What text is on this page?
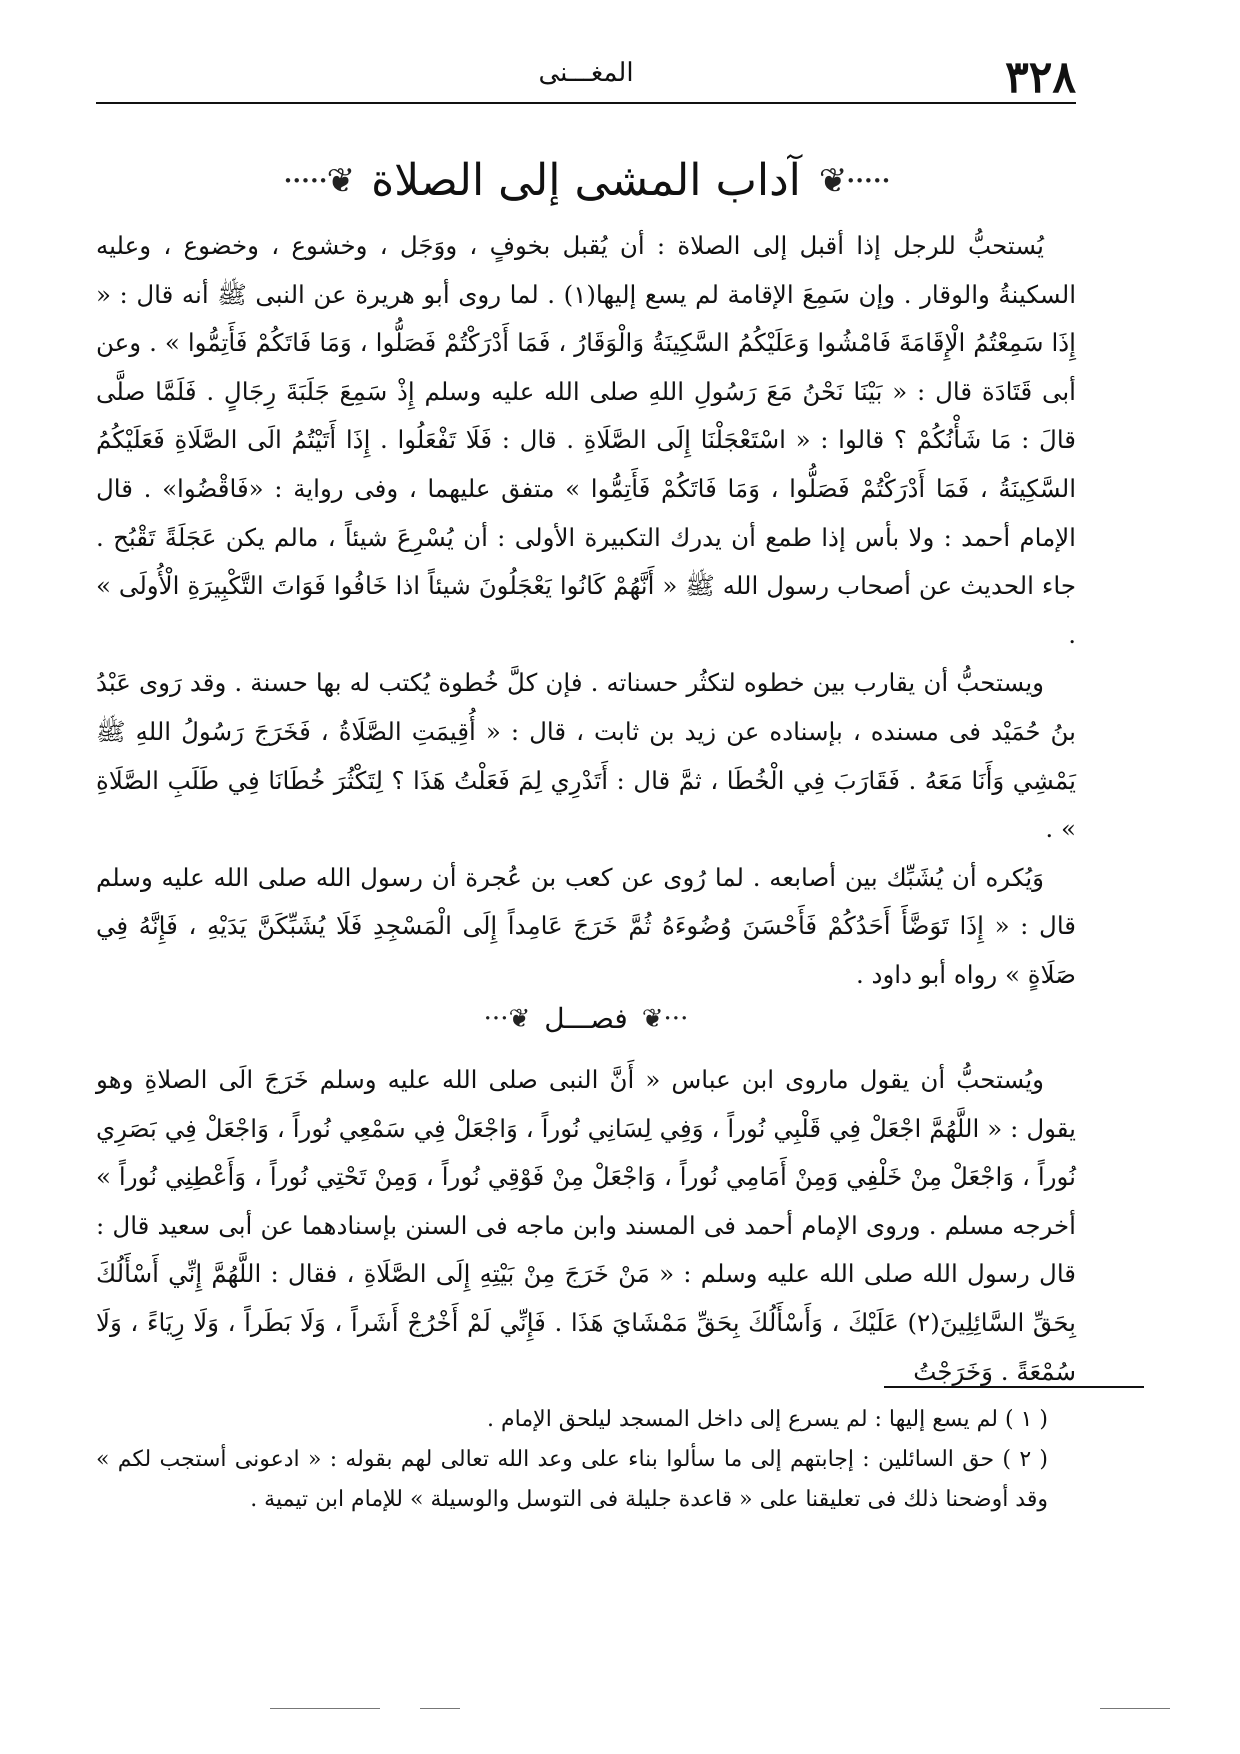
٣٢٨
المغـــنى
·····❦
آداب المشى إلى الصلاة
❦·····

يُستحبُّ للرجل إذا أقبل إلى الصلاة : أن يُقبل بخوفٍ ، ووَجَل ، وخشوع ، وخضوع ، وعليه السكينةُ والوقار . وإن سَمِعَ الإقامة لم يسع إليها(١) . لما روى أبو هريرة عن النبى ﷺ أنه قال : « إِذَا سَمِعْتُمُ الْإِقَامَةَ فَامْشُوا وَعَلَيْكُمُ السَّكِينَةُ وَالْوَقَارُ ، فَمَا أَدْرَكْتُمْ فَصَلُّوا ، وَمَا فَاتَكُمْ فَأَتِمُّوا » . وعن أبى قَتَادَة قال : « بَيْنَا نَحْنُ مَعَ رَسُولِ اللهِ صلى الله عليه وسلم إِذْ سَمِعَ جَلَبَةَ رِجَالٍ . فَلَمَّا صلَّى قالَ : مَا شَأْنُكُمْ ؟ قالوا : « اسْتَعْجَلْنَا إِلَى الصَّلَاةِ . قال : فَلَا تَفْعَلُوا . إِذَا أَتَيْتُمُ الَى الصَّلَاةِ فَعَلَيْكُمُ السَّكِينَةُ ، فَمَا أَدْرَكْتُمْ فَصَلُّوا ، وَمَا فَاتَكُمْ فَأَتِمُّوا » متفق عليهما ، وفى رواية : «فَاقْضُوا» . قال الإمام أحمد : ولا بأس إذا طمع أن يدرك التكبيرة الأولى : أن يُسْرِعَ شيئاً ، مالم يكن عَجَلَةً تَقْبُح . جاء الحديث عن أصحاب رسول الله ﷺ « أَنَّهُمْ كَانُوا يَعْجَلُونَ شيئاً اذا خَافُوا فَوَاتَ التَّكْبِيرَةِ الْأُولَى » .

ويستحبُّ أن يقارب بين خطوه لتكثُر حسناته . فإن كلَّ خُطوة يُكتب له بها حسنة . وقد رَوى عَبْدُ بنُ حُمَيْد فى مسنده ، بإسناده عن زيد بن ثابت ، قال : « أُقِيمَتِ الصَّلَاةُ ، فَخَرَجَ رَسُولُ اللهِ ﷺ يَمْشِي وَأَنَا مَعَهُ . فَقَارَبَ فِي الْخُطَا ، ثمَّ قال : أَتَدْرِي لِمَ فَعَلْتُ هَذَا ؟ لِتَكْثُرَ خُطَانَا فِي طَلَبِ الصَّلَاةِ » .

وَيُكره أن يُشَبِّك بين أصابعه . لما رُوى عن كعب بن عُجرة أن رسول الله صلى الله عليه وسلم قال : « إِذَا تَوَضَّأَ أَحَدُكُمْ فَأَحْسَنَ وُضُوءَهُ ثُمَّ خَرَجَ عَامِداً إِلَى الْمَسْجِدِ فَلَا يُشَبِّكَنَّ يَدَيْهِ ، فَإِنَّهُ فِي صَلَاةٍ » رواه أبو داود .

···❦
فصـــل
❦···

ويُستحبُّ أن يقول ماروى ابن عباس « أَنَّ النبى صلى الله عليه وسلم خَرَجَ الَى الصلاةِ وهو يقول : « اللَّهُمَّ اجْعَلْ فِي قَلْبِي نُوراً ، وَفِي لِسَانِي نُوراً ، وَاجْعَلْ فِي سَمْعِي نُوراً ، وَاجْعَلْ فِي بَصَرِي نُوراً ، وَاجْعَلْ مِنْ خَلْفِي وَمِنْ أَمَامِي نُوراً ، وَاجْعَلْ مِنْ فَوْقِي نُوراً ، وَمِنْ تَحْتِي نُوراً ، وَأَعْطِنِي نُوراً » أخرجه مسلم . وروى الإمام أحمد فى المسند وابن ماجه فى السنن بإسنادهما عن أبى سعيد قال : قال رسول الله صلى الله عليه وسلم : « مَنْ خَرَجَ مِنْ بَيْتِهِ إِلَى الصَّلَاةِ ، فقال : اللَّهُمَّ إِنِّي أَسْأَلُكَ بِحَقِّ السَّائِلِينَ(٢) عَلَيْكَ ، وَأَسْأَلُكَ بِحَقِّ مَمْشَايَ هَذَا . فَإِنِّي لَمْ أَخْرُجْ أَشَراً ، وَلَا بَطَراً ، وَلَا رِيَاءً ، وَلَا سُمْعَةً . وَخَرَجْتُ

( ١ ) لم يسع إليها : لم يسرع إلى داخل المسجد ليلحق الإمام .

( ٢ ) حق السائلين : إجابتهم إلى ما سألوا بناء على وعد الله تعالى لهم بقوله : « ادعونى أستجب لكم » وقد أوضحنا ذلك فى تعليقنا على « قاعدة جليلة فى التوسل والوسيلة » للإمام ابن تيمية .
